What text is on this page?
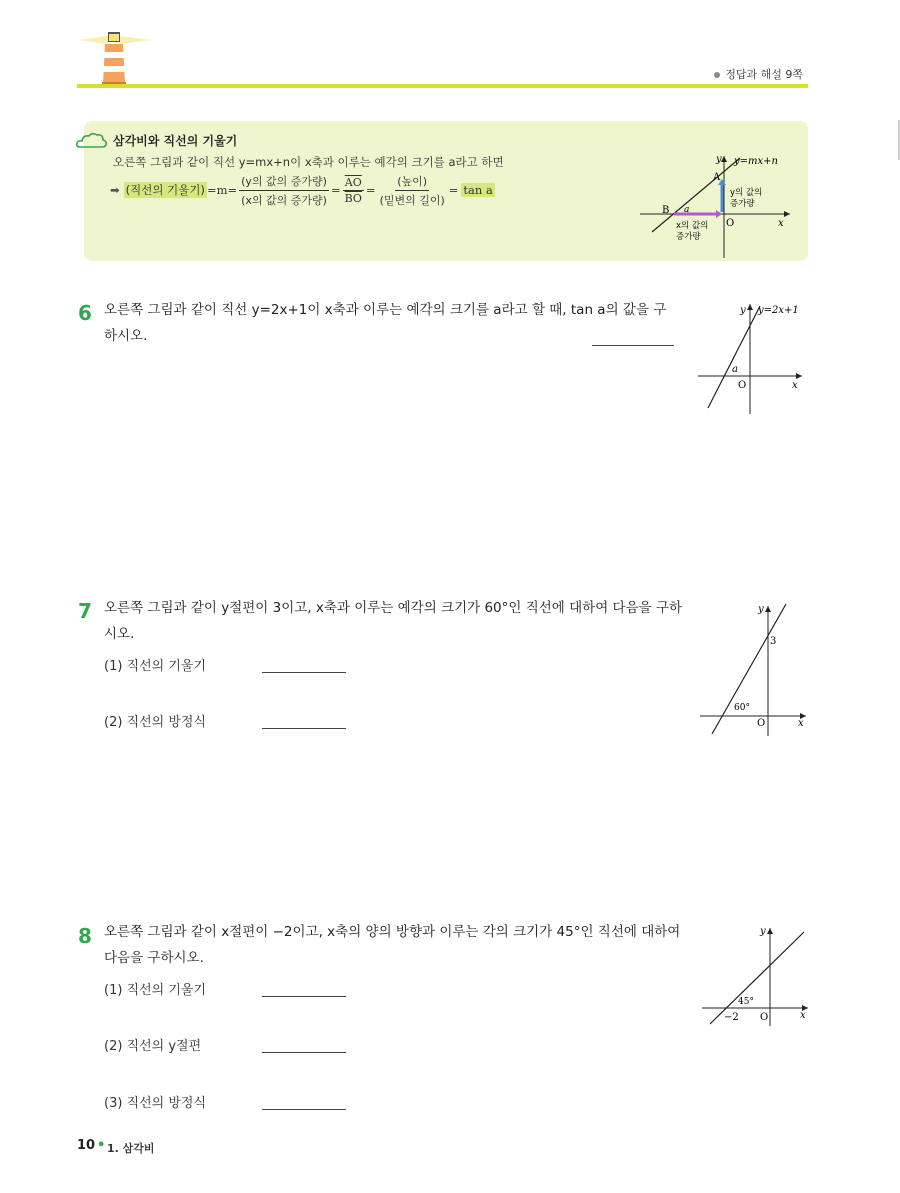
정답과 해설 9쪽
삼각비와 직선의 기울기
오른쪽 그림과 같이 직선 y=mx+n이 x축과 이루는 예각의 크기를 a라고 하면
➡ (직선의 기울기) $=m= \frac{\text{(y의 값의 증가량)}}{\text{(x의 값의 증가량)}} = \frac{\overline{AO}}{BO} = \frac{\text{(높이)}}{\text{(밑변의 길이)}} = \tan a$
y y=mx+n
A
B a
O	x
y의 값의
증가량
x의 값의
증가량
6 오른쪽 그림과 같이 직선 y=2x+1이 x축과 이루는 예각의 크기를 a라고 할 때, tan a의 값을 구
하시오.
y y=2x+1
a
O	x
7 오른쪽 그림과 같이 y절편이 3이고, x축과 이루는 예각의 크기가 60°인 직선에 대하여 다음을 구하
시오.
(1) 직선의 기울기
(2) 직선의 방정식
y
3
60°
O	x
8 오른쪽 그림과 같이 x절편이 −2이고, x축의 양의 방향과 이루는 각의 크기가 45°인 직선에 대하여
다음을 구하시오.
(1) 직선의 기울기
(2) 직선의 y절편
(3) 직선의 방정식
y
45°
−2 O	x
10 • 1. 삼각비
